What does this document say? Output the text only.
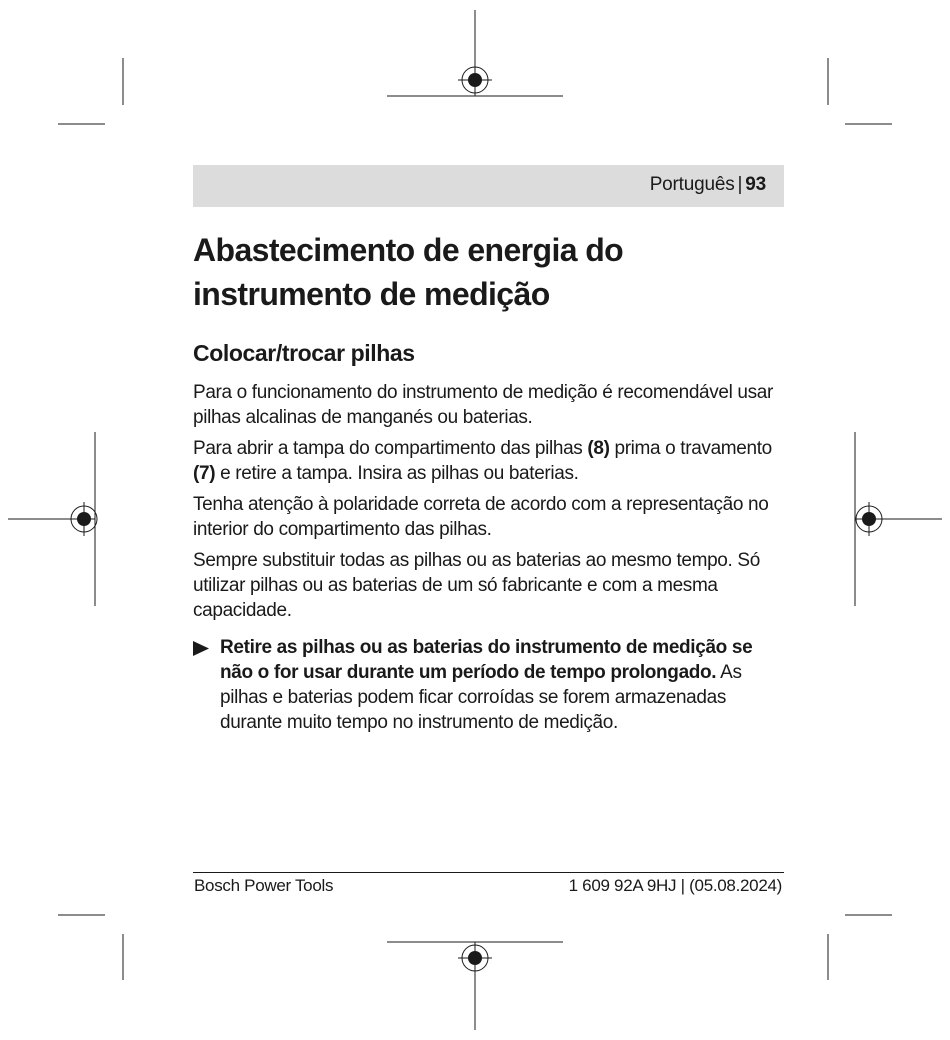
Português | 93
Abastecimento de energia do instrumento de medição
Colocar/trocar pilhas

Para o funcionamento do instrumento de medição é recomendável usar pilhas alcalinas de manganés ou baterias.

Para abrir a tampa do compartimento das pilhas (8) prima o travamento (7) e retire a tampa. Insira as pilhas ou baterias.

Tenha atenção à polaridade correta de acordo com a representação no interior do compartimento das pilhas.

Sempre substituir todas as pilhas ou as baterias ao mesmo tempo. Só utilizar pilhas ou as baterias de um só fabricante e com a mesma capacidade.

Retire as pilhas ou as baterias do instrumento de medição se não o for usar durante um período de tempo prolongado. As pilhas e baterias podem ficar corroídas se forem armazenadas durante muito tempo no instrumento de medição.
Bosch Power Tools	1 609 92A 9HJ | (05.08.2024)
